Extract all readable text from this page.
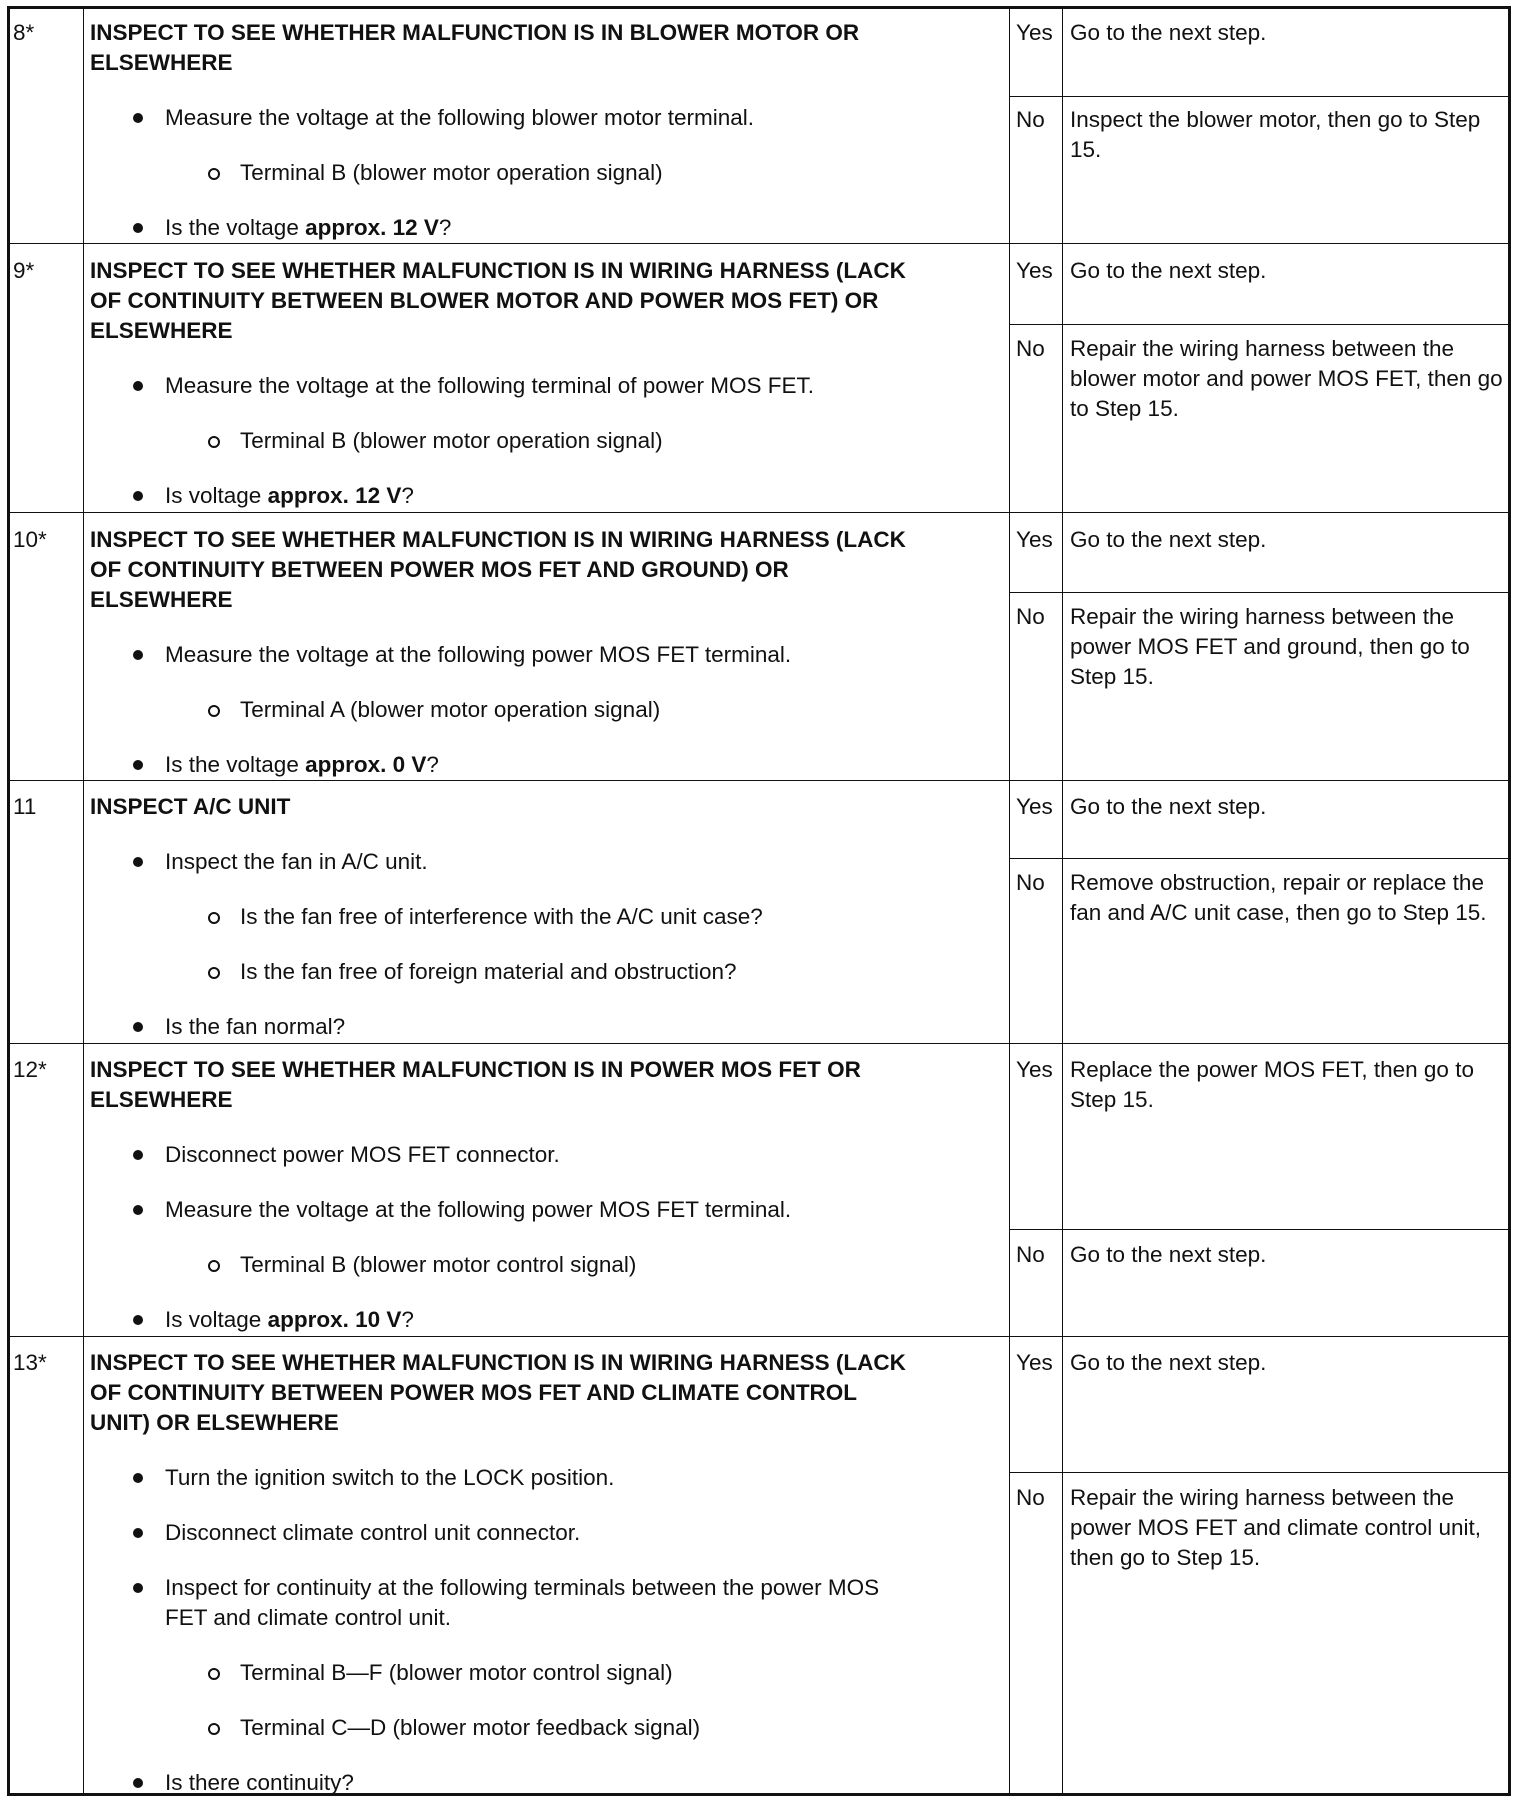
8* INSPECT TO SEE WHETHER MALFUNCTION IS IN BLOWER MOTOR OR
ELSEWHERE
Measure the voltage at the following blower motor terminal.
Terminal B (blower motor operation signal)
Is the voltage approx. 12 V?
Yes Go to the next step.
No Inspect the blower motor, then go to Step 15.
9* INSPECT TO SEE WHETHER MALFUNCTION IS IN WIRING HARNESS (LACK
OF CONTINUITY BETWEEN BLOWER MOTOR AND POWER MOS FET) OR
ELSEWHERE
Measure the voltage at the following terminal of power MOS FET.
Terminal B (blower motor operation signal)
Is voltage approx. 12 V?
Yes Go to the next step.
No Repair the wiring harness between the blower motor and power MOS FET, then go to Step 15.
10* INSPECT TO SEE WHETHER MALFUNCTION IS IN WIRING HARNESS (LACK
OF CONTINUITY BETWEEN POWER MOS FET AND GROUND) OR
ELSEWHERE
Measure the voltage at the following power MOS FET terminal.
Terminal A (blower motor operation signal)
Is the voltage approx. 0 V?
Yes Go to the next step.
No Repair the wiring harness between the power MOS FET and ground, then go to Step 15.
11 INSPECT A/C UNIT
Inspect the fan in A/C unit.
Is the fan free of interference with the A/C unit case?
Is the fan free of foreign material and obstruction?
Is the fan normal?
Yes Go to the next step.
No Remove obstruction, repair or replace the fan and A/C unit case, then go to Step 15.
12* INSPECT TO SEE WHETHER MALFUNCTION IS IN POWER MOS FET OR
ELSEWHERE
Disconnect power MOS FET connector.
Measure the voltage at the following power MOS FET terminal.
Terminal B (blower motor control signal)
Is voltage approx. 10 V?
Yes Replace the power MOS FET, then go to Step 15.
No Go to the next step.
13* INSPECT TO SEE WHETHER MALFUNCTION IS IN WIRING HARNESS (LACK
OF CONTINUITY BETWEEN POWER MOS FET AND CLIMATE CONTROL
UNIT) OR ELSEWHERE
Turn the ignition switch to the LOCK position.
Disconnect climate control unit connector.
Inspect for continuity at the following terminals between the power MOS
FET and climate control unit.
Terminal B—F (blower motor control signal)
Terminal C—D (blower motor feedback signal)
Is there continuity?
Yes Go to the next step.
No Repair the wiring harness between the power MOS FET and climate control unit, then go to Step 15.
